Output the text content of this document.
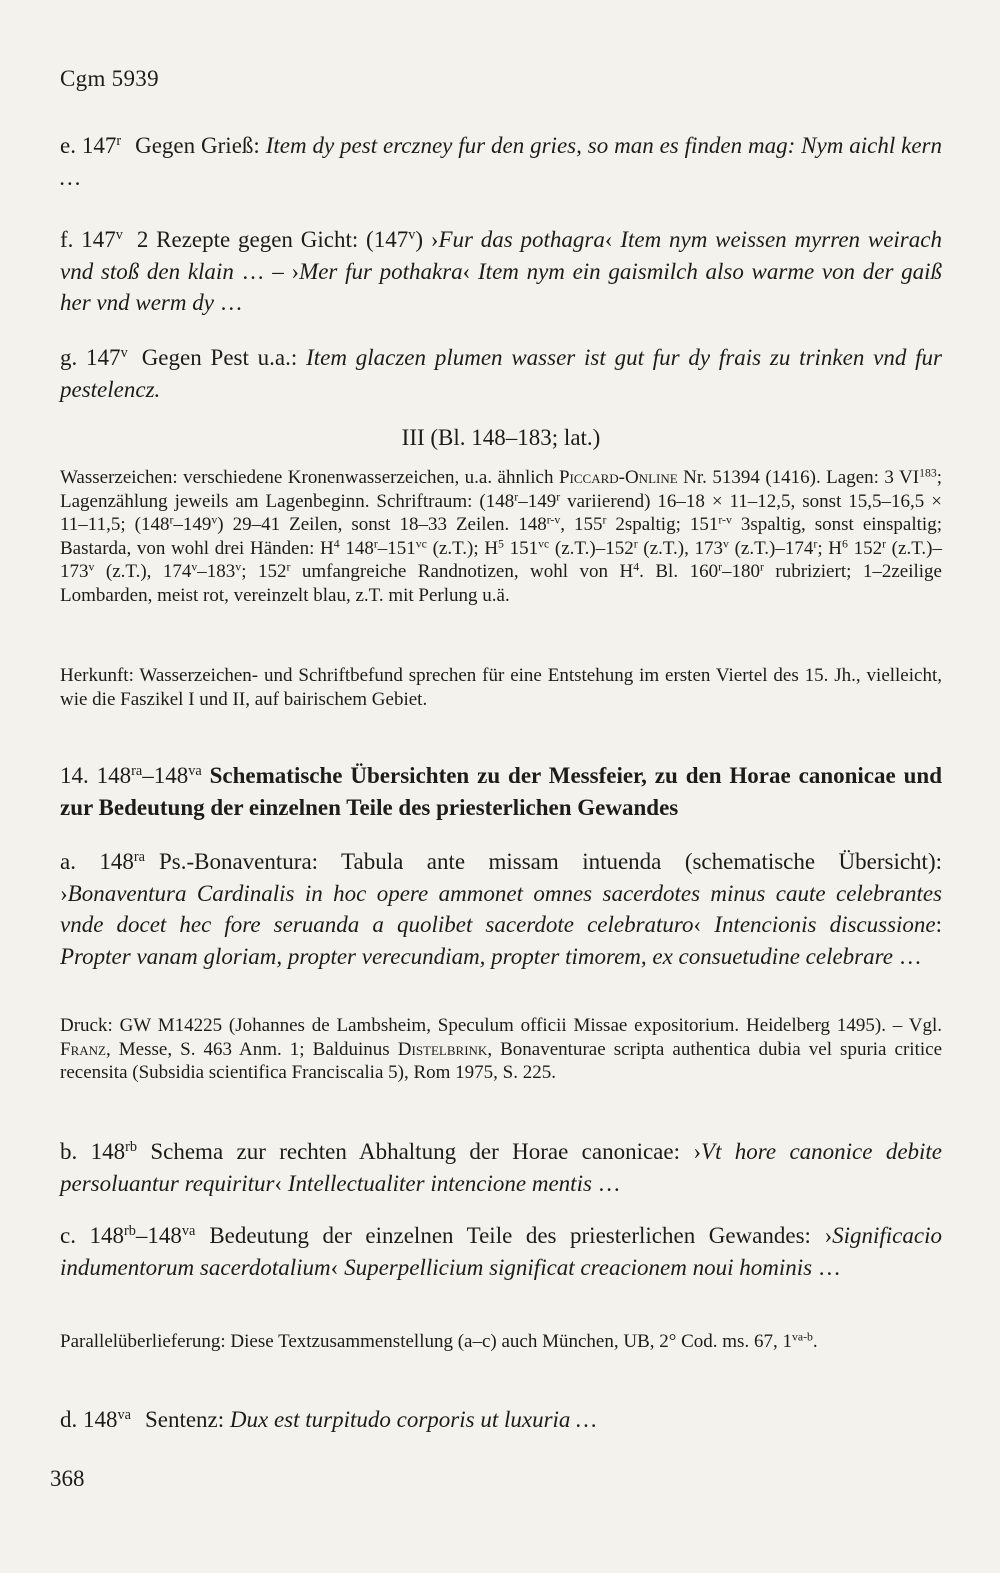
Cgm 5939

e. 147$^r$ Gegen Grieß: Item dy pest erczney fur den gries, so man es finden mag: Nym aichl kern …

f. 147$^v$ 2 Rezepte gegen Gicht: (147$^v$) ›Fur das pothagra‹ Item nym weissen myrren weirach vnd stoß den klain … – ›Mer fur pothakra‹ Item nym ein gaismilch also warme von der gaiß her vnd werm dy …

g. 147$^v$ Gegen Pest u.a.: Item glaczen plumen wasser ist gut fur dy frais zu trinken vnd fur pestelencz.

III (Bl. 148–183; lat.)

Wasserzeichen: verschiedene Kronenwasserzeichen, u.a. ähnlich Piccard-Online Nr. 51394 (1416). Lagen: 3 VI$^{183}$; Lagenzählung jeweils am Lagenbeginn. Schriftraum: (148$^r$–149$^r$ variierend) 16–18 × 11–12,5, sonst 15,5–16,5 × 11–11,5; (148$^r$–149$^v$) 29–41 Zeilen, sonst 18–33 Zeilen. 148$^{r-v}$, 155$^r$ 2spaltig; 151$^{r-v}$ 3spaltig, sonst einspaltig; Bastarda, von wohl drei Händen: $H^4$ $148^r-151^{vc}$ (z.T.); $H^5$ $151^{vc}$ (z.T.)–152$^r$ (z.T.), 173$^v$ (z.T.)–174$^r$; $H^6$ 152$^r$ (z.T.)–173$^v$ (z.T.), 174$^v$–183$^v$; 152$^r$ umfangreiche Randnotizen, wohl von $H^4$. Bl. 160$^r$–180$^r$ rubriziert; 1–2zeilige Lombarden, meist rot, vereinzelt blau, z.T. mit Perlung u.ä.

Herkunft: Wasserzeichen- und Schriftbefund sprechen für eine Entstehung im ersten Viertel des 15. Jh., vielleicht, wie die Faszikel I und II, auf bairischem Gebiet.

14. $148^{ra}-148^{va}$ Schematische Übersichten zu der Messfeier, zu den Horae canonicae und zur Bedeutung der einzelnen Teile des priesterlichen Gewandes

a. $148^{ra}$ Ps.-Bonaventura: Tabula ante missam intuenda (schematische Übersicht): ›Bonaventura Cardinalis in hoc opere ammonet omnes sacerdotes minus caute celebrantes vnde docet hec fore seruanda a quolibet sacerdote celebraturo‹ Intencionis discussione: Propter vanam gloriam, propter verecundiam, propter timorem, ex consuetudine celebrare …

Druck: GW M14225 (Johannes de Lambsheim, Speculum officii Missae expositorium. Heidelberg 1495). – Vgl. Franz, Messe, S. 463 Anm. 1; Balduinus Distelbrink, Bonaventurae scripta authentica dubia vel spuria critice recensita (Subsidia scientifica Franciscalia 5), Rom 1975, S. 225.

b. $148^{rb}$ Schema zur rechten Abhaltung der Horae canonicae: ›Vt hore canonice debite persoluantur requiritur‹ Intellectualiter intencione mentis …

c. $148^{rb}-148^{va}$ Bedeutung der einzelnen Teile des priesterlichen Gewandes: ›Significacio indumentorum sacerdotalium‹ Superpellicium significat creacionem noui hominis …

Parallelüberlieferung: Diese Textzusammenstellung (a–c) auch München, UB, 2° Cod. ms. 67, $1^{va-b}$.

d. $148^{va}$ Sentenz: Dux est turpitudo corporis ut luxuria …

368
